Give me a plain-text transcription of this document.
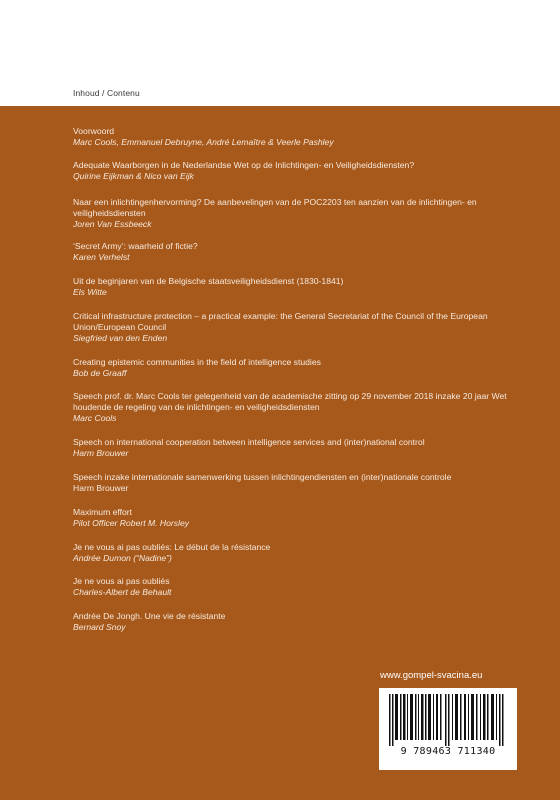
Inhoud / Contenu
Voorwoord
Marc Cools, Emmanuel Debruyne, André Lemaître & Veerle Pashley
Adequate Waarborgen in de Nederlandse Wet op de Inlichtingen- en Veiligheidsdiensten?
Quirine Eijkman & Nico van Eijk
Naar een inlichtingenhervorming? De aanbevelingen van de POC2203 ten aanzien van de inlichtingen- en veiligheidsdiensten
Joren Van Essbeeck
‘Secret Army’: waarheid of fictie?
Karen Verhelst
Uit de beginjaren van de Belgische staatsveiligheidsdienst (1830-1841)
Els Witte
Critical infrastructure protection – a practical example: the General Secretariat of the Council of the European Union/European Council
Siegfried van den Enden
Creating epistemic communities in the field of intelligence studies
Bob de Graaff
Speech prof. dr. Marc Cools ter gelegenheid van de academische zitting op 29 november 2018 inzake 20 jaar Wet houdende de regeling van de inlichtingen- en veiligheidsdiensten
Marc Cools
Speech on international cooperation between intelligence services and (inter)national control
Harm Brouwer
Speech inzake internationale samenwerking tussen inlichtingendiensten en (inter)nationale controle
Harm Brouwer
Maximum effort
Pilot Officer Robert M. Horsley
Je ne vous ai pas oubliés: Le début de la résistance
Andrée Dumon (“Nadine”)
Je ne vous ai pas oubliés
Charles-Albert de Behault
Andrée De Jongh. Une vie de résistante
Bernard Snoy
www.gompel-svacina.eu
9 789463 711340
